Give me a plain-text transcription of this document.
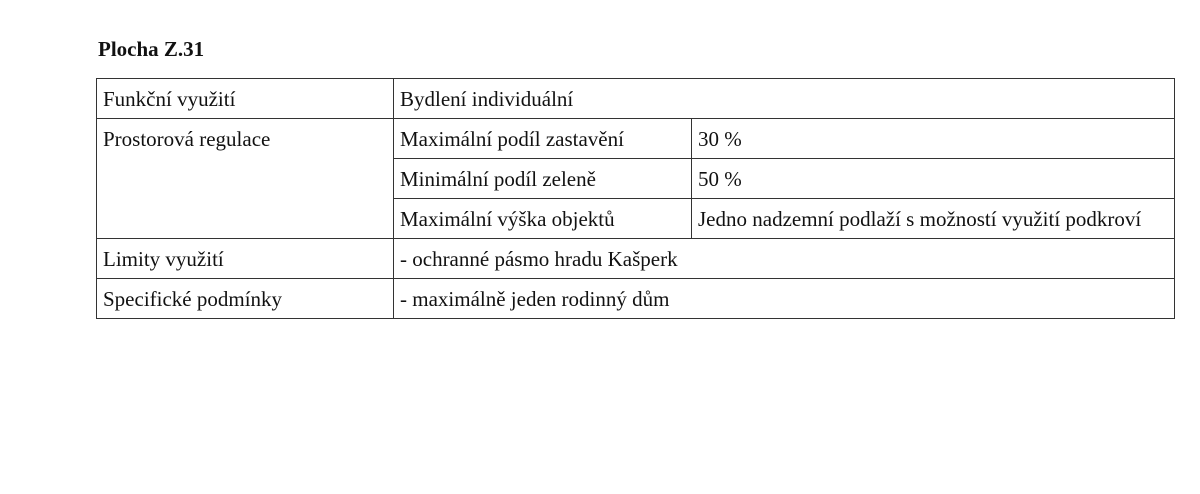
Plocha Z.31
Funkční využití	Bydlení individuální	
Prostorová regulace	Maximální podíl zastavění	30 %
	Minimální podíl zeleně	50 %
	Maximální výška objektů	Jedno nadzemní podlaží s možností využití podkroví
Limity využití	- ochranné pásmo hradu Kašperk	
Specifické podmínky	- maximálně jeden rodinný dům	
